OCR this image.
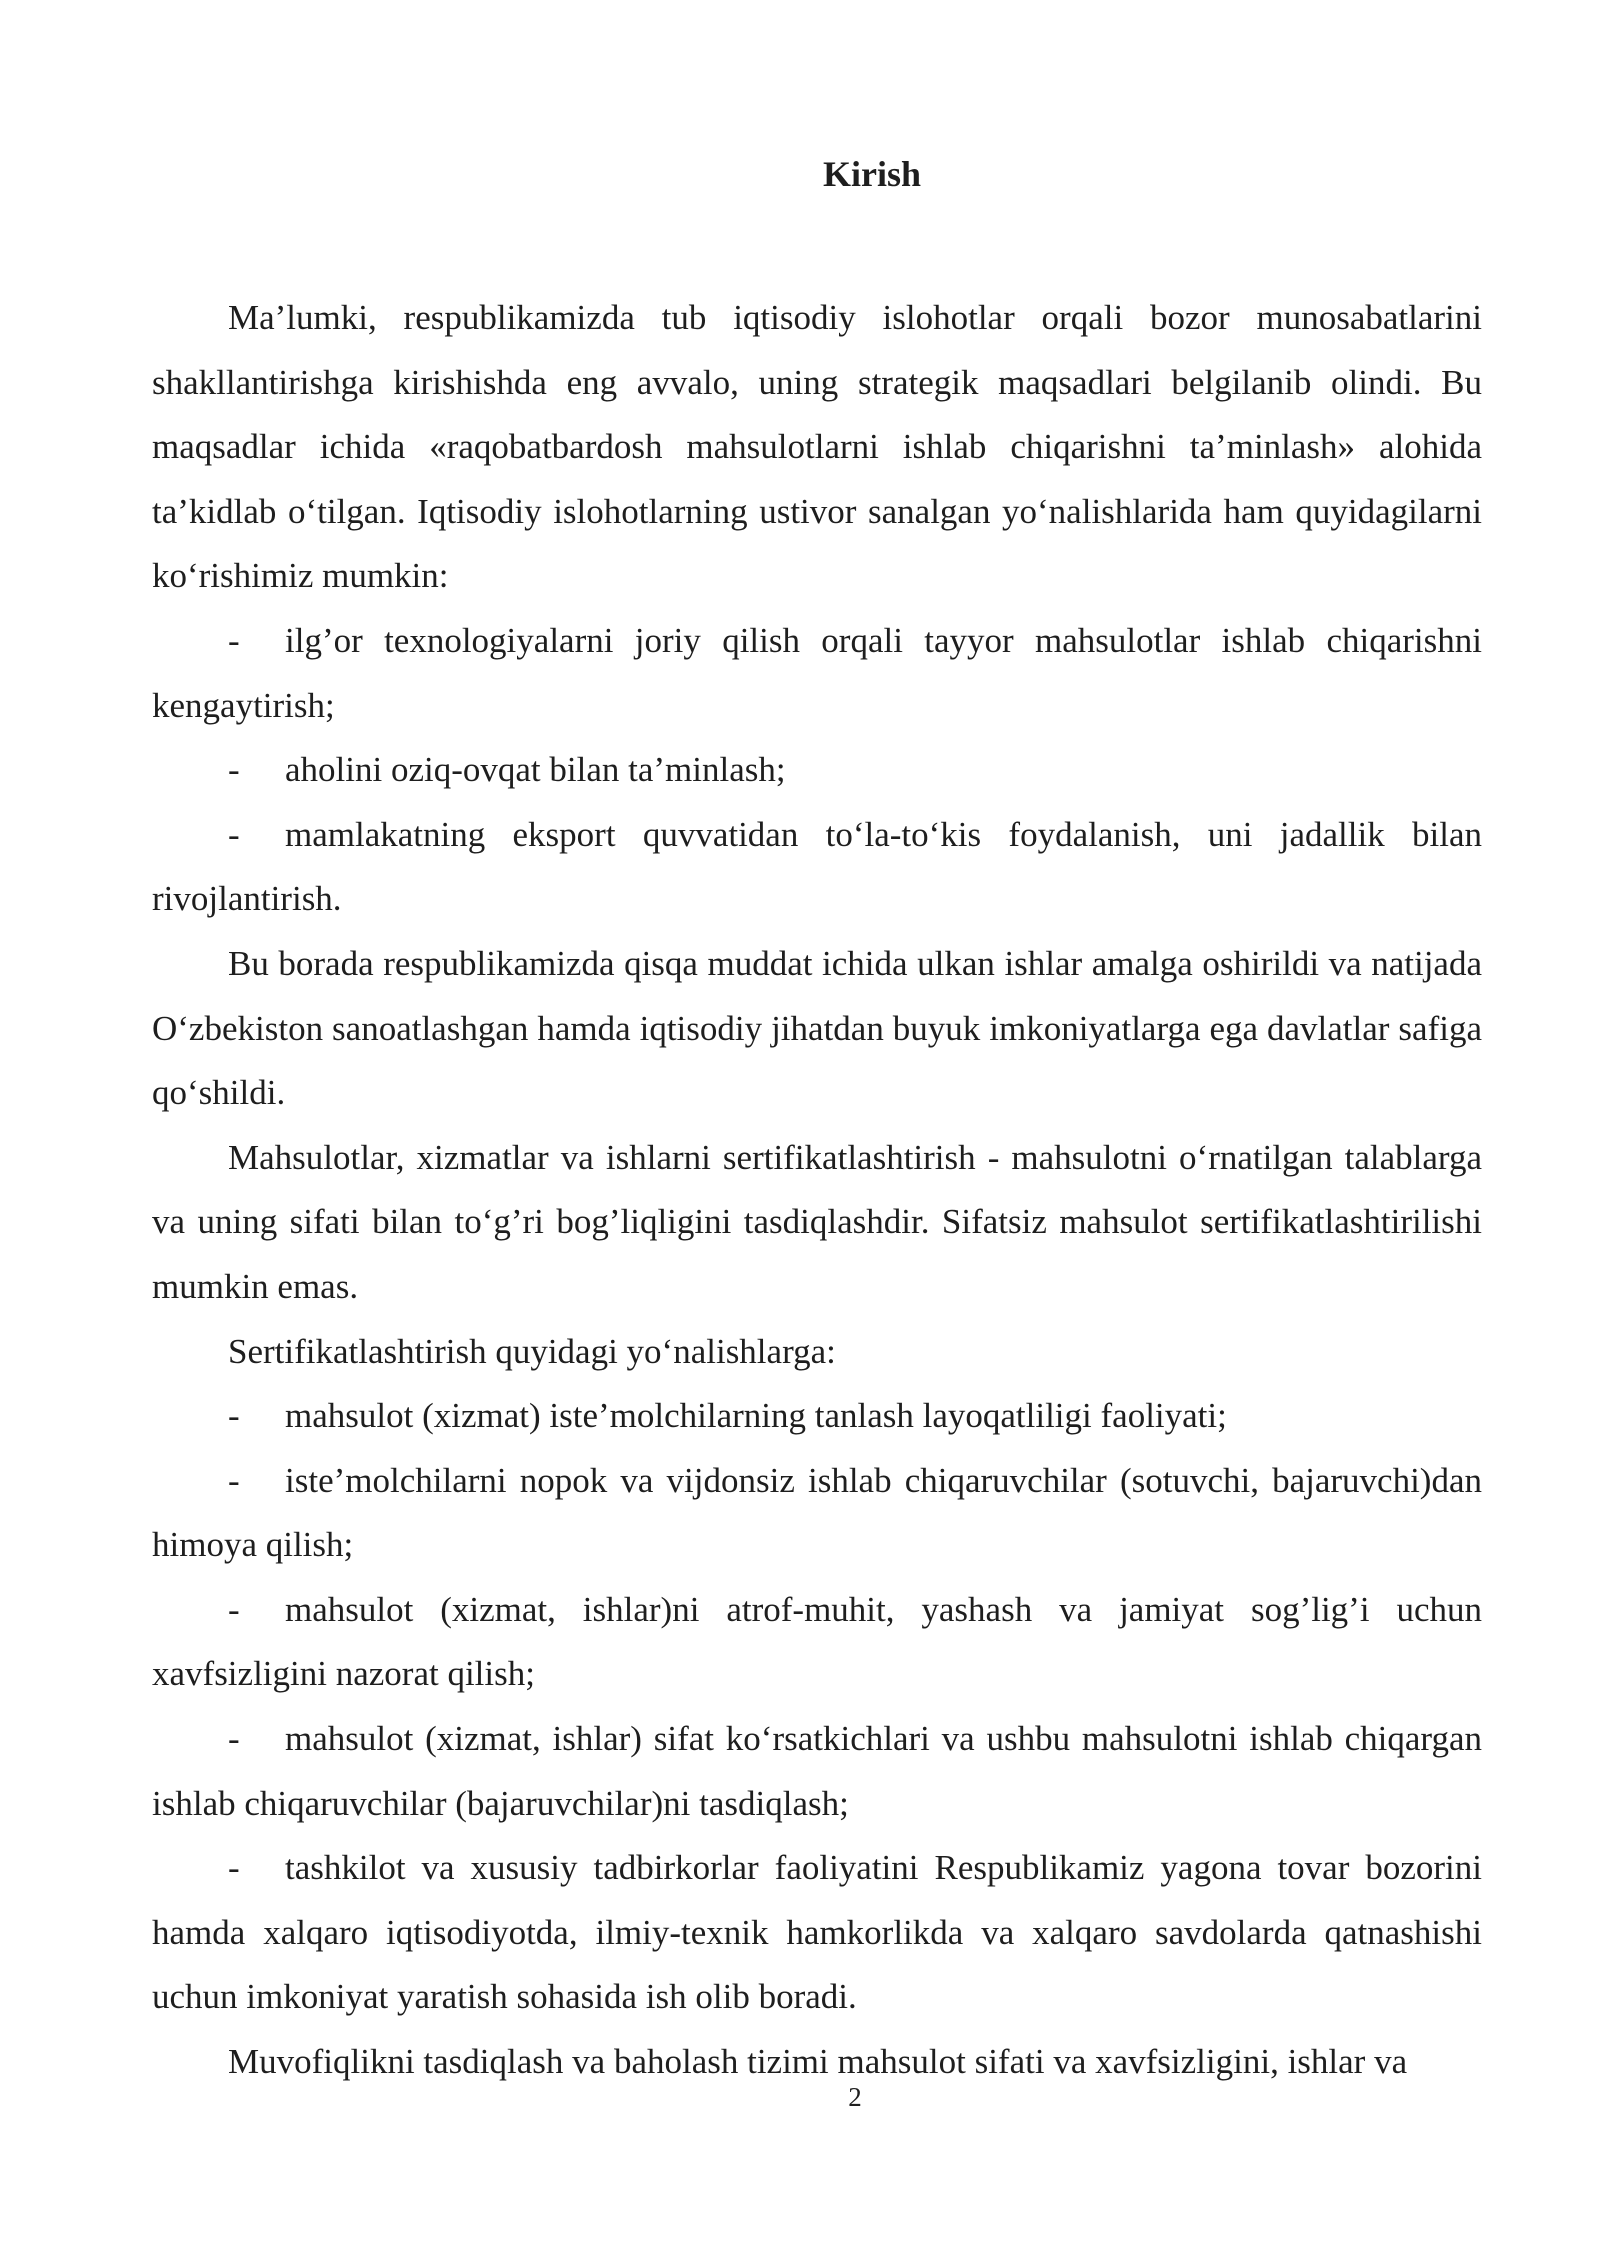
Kirish

Ma’lumki, respublikamizda tub iqtisodiy islohotlar orqali bozor munosabatlarini shakllantirishga kirishishda eng avvalo, uning strategik maqsadlari belgilanib olindi. Bu maqsadlar ichida «raqobatbardosh mahsulotlarni ishlab chiqarishni ta’minlash» alohida ta’kidlab o‘tilgan. Iqtisodiy islohotlarning ustivor sanalgan yo‘nalishlarida ham quyidagilarni ko‘rishimiz mumkin:

- ilg’or texnologiyalarni joriy qilish orqali tayyor mahsulotlar ishlab chiqarishni kengaytirish;

- aholini oziq-ovqat bilan ta’minlash;

- mamlakatning eksport quvvatidan to‘la-to‘kis foydalanish, uni jadallik bilan rivojlantirish.

Bu borada respublikamizda qisqa muddat ichida ulkan ishlar amalga oshirildi va natijada O‘zbekiston sanoatlashgan hamda iqtisodiy jihatdan buyuk imkoniyatlarga ega davlatlar safiga qo‘shildi.

Mahsulotlar, xizmatlar va ishlarni sertifikatlashtirish - mahsulotni o‘rnatilgan talablarga va uning sifati bilan to‘g’ri bog’liqligini tasdiqlashdir. Sifatsiz mahsulot sertifikatlashtirilishi mumkin emas.

Sertifikatlashtirish quyidagi yo‘nalishlarga:

- mahsulot (xizmat) iste’molchilarning tanlash layoqatliligi faoliyati;

- iste’molchilarni nopok va vijdonsiz ishlab chiqaruvchilar (sotuvchi, bajaruvchi)dan himoya qilish;

- mahsulot (xizmat, ishlar)ni atrof-muhit, yashash va jamiyat sog’lig’i uchun xavfsizligini nazorat qilish;

- mahsulot (xizmat, ishlar) sifat ko‘rsatkichlari va ushbu mahsulotni ishlab chiqargan ishlab chiqaruvchilar (bajaruvchilar)ni tasdiqlash;

- tashkilot va xususiy tadbirkorlar faoliyatini Respublikamiz yagona tovar bozorini hamda xalqaro iqtisodiyotda, ilmiy-texnik hamkorlikda va xalqaro savdolarda qatnashishi uchun imkoniyat yaratish sohasida ish olib boradi.

Muvofiqlikni tasdiqlash va baholash tizimi mahsulot sifati va xavfsizligini, ishlar va

2
